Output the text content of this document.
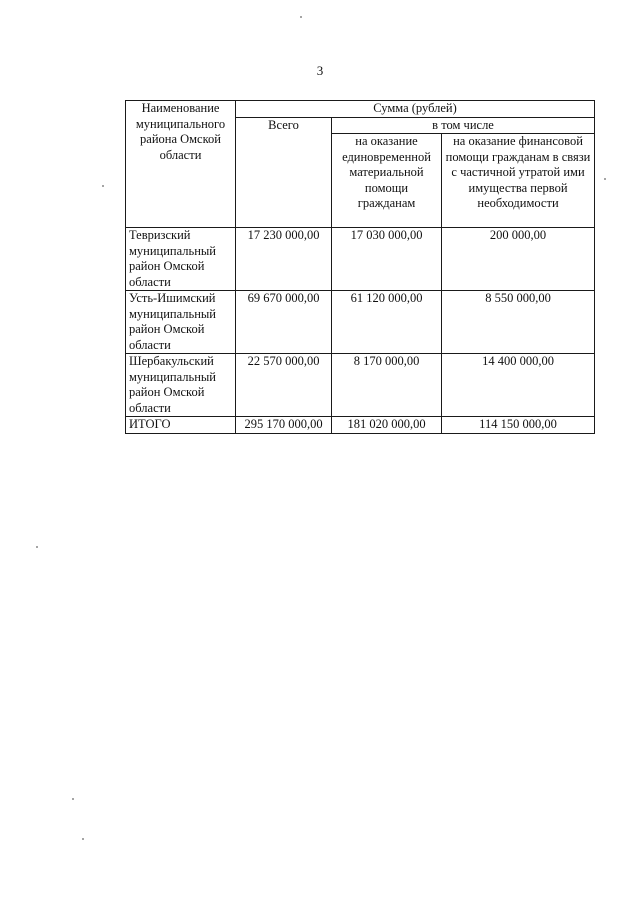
3
Наименование муниципального района Омской области	Сумма (рублей)		
	Всего	в том числе	
		на оказание единовременной материальной помощи гражданам	на оказание финансовой помощи гражданам в связи с частичной утратой ими имущества первой необходимости

Тевризский
муниципальный
район Омской
области	17 230 000,00	17 030 000,00	200 000,00

Усть-Ишимский
муниципальный
район Омской
области	69 670 000,00	61 120 000,00	8 550 000,00

Шербакульский
муниципальный
район Омской
области	22 570 000,00	8 170 000,00	14 400 000,00
ИТОГО	295 170 000,00	181 020 000,00	114 150 000,00
